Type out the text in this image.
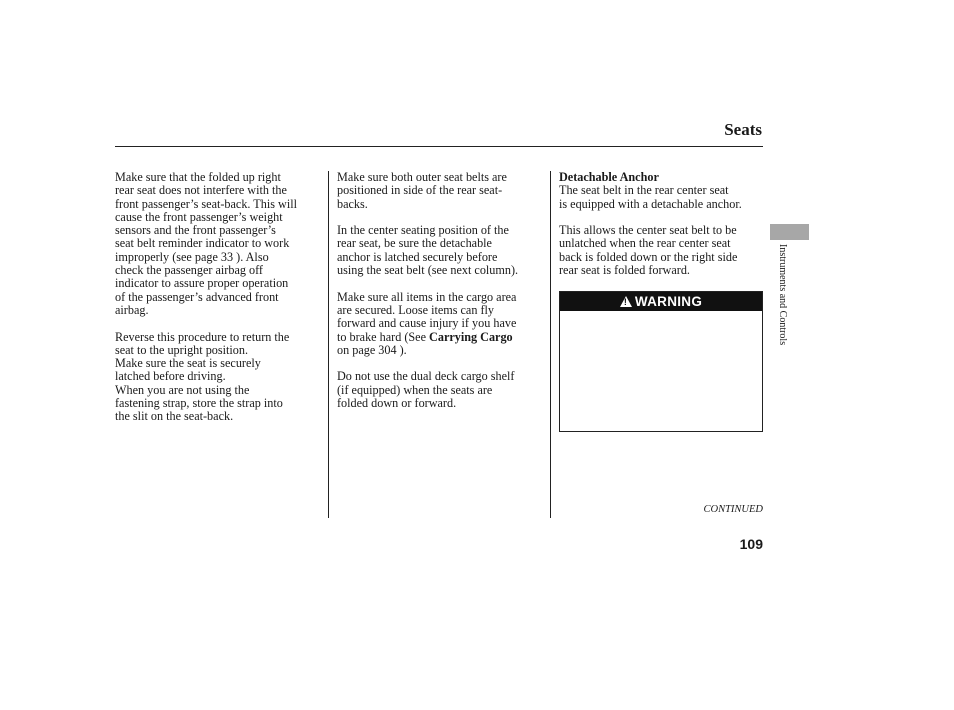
Seats

Make sure that the folded up right

rear seat does not interfere with the

front passenger’s seat-back. This will

cause the front passenger’s weight

sensors and the front passenger’s

seat belt reminder indicator to work

improperly (see page 33 ). Also

check the passenger airbag off

indicator to assure proper operation

of the passenger’s advanced front

airbag.

Reverse this procedure to return the

seat to the upright position.

Make sure the seat is securely

latched before driving.

When you are not using the

fastening strap, store the strap into

the slit on the seat-back.

Make sure both outer seat belts are

positioned in side of the rear seat-

backs.

In the center seating position of the

rear seat, be sure the detachable

anchor is latched securely before

using the seat belt (see next column).

Make sure all items in the cargo area

are secured. Loose items can fly

forward and cause injury if you have

to brake hard (See Carrying Cargo

on page 304 ).

Do not use the dual deck cargo shelf

(if equipped) when the seats are

folded down or forward.

Detachable Anchor

The seat belt in the rear center seat

is equipped with a detachable anchor.

This allows the center seat belt to be

unlatched when the rear center seat

back is folded down or the right side

rear seat is folded forward.

!
WARNING	Instruments and Controls
CONTINUED
109
